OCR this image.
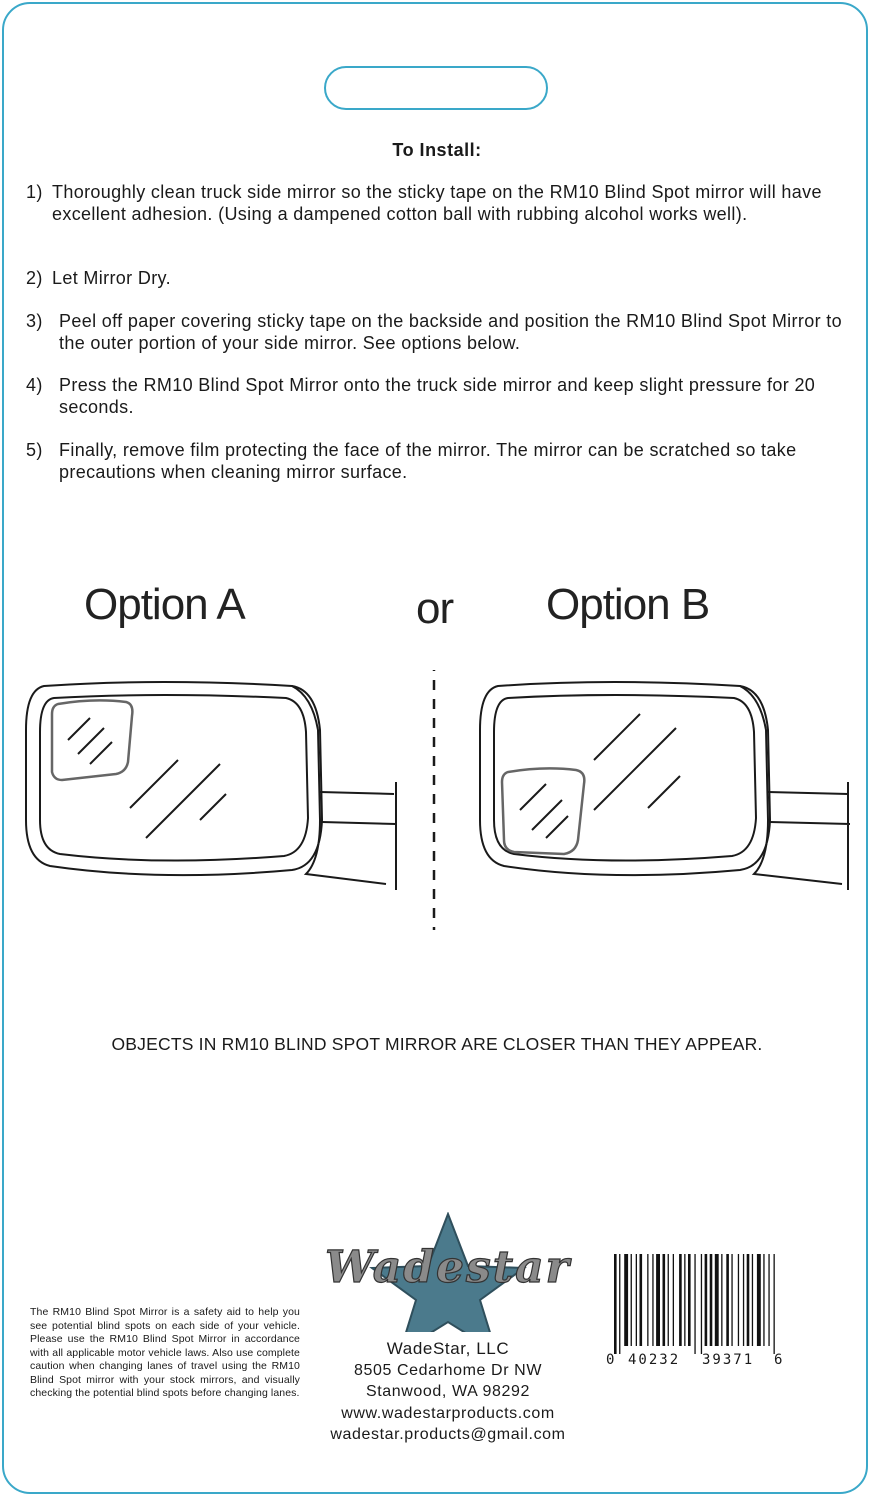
To Install:
1) Thoroughly clean truck side mirror so the sticky tape on the RM10 Blind Spot mirror will have excellent adhesion. (Using a dampened cotton ball with rubbing alcohol works well).
2) Let Mirror Dry.
3) Peel off paper covering sticky tape on the backside and position the RM10 Blind Spot Mirror to the outer portion of your side mirror. See options below.
4) Press the RM10 Blind Spot Mirror onto the truck side mirror and keep slight pressure for 20 seconds.
5) Finally, remove film protecting the face of the mirror. The mirror can be scratched so take precautions when cleaning mirror surface.
Option A	or Option B
OBJECTS IN RM10 BLIND SPOT MIRROR ARE CLOSER THAN THEY APPEAR.
The RM10 Blind Spot Mirror is a safety aid to help you see potential blind spots on each side of your vehicle. Please use the RM10 Blind Spot Mirror in accordance with all applicable motor vehicle laws. Also use complete caution when changing lanes of travel using the RM10 Blind Spot mirror with your stock mirrors, and visually checking the potential blind spots before changing lanes.
Wadestar
WadeStar, LLC
8505 Cedarhome Dr NW
Stanwood, WA 98292
www.wadestarproducts.com
wadestar.products@gmail.com
0 40232 39371 6
